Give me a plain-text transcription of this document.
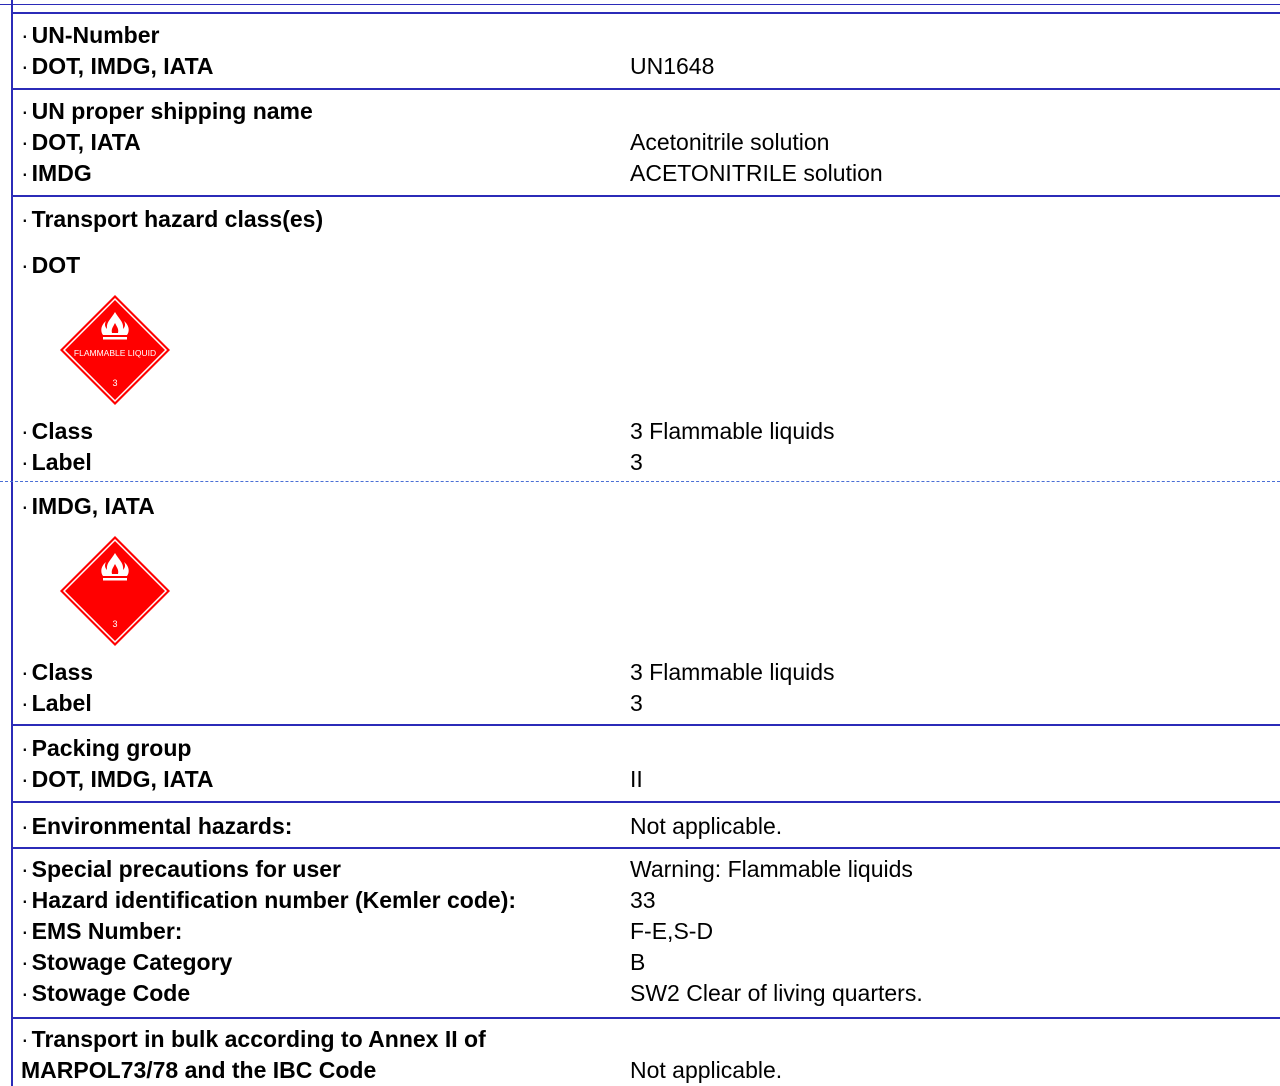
· UN-Number
· DOT, IMDG, IATA	UN1648
· UN proper shipping name
· DOT, IATA	Acetonitrile solution
· IMDG	ACETONITRILE solution
· Transport hazard class(es)
· DOT
FLAMMABLE LIQUID
3
· Class	3 Flammable liquids
· Label	3
· IMDG, IATA
3
· Class	3 Flammable liquids
· Label	3
· Packing group
· DOT, IMDG, IATA	II
· Environmental hazards:	Not applicable.
· Special precautions for user	Warning: Flammable liquids
· Hazard identification number (Kemler code):	33
· EMS Number:	F-E,S-D
· Stowage Category	B
· Stowage Code	SW2 Clear of living quarters.
· Transport in bulk according to Annex II of
MARPOL73/78 and the IBC Code	Not applicable.
